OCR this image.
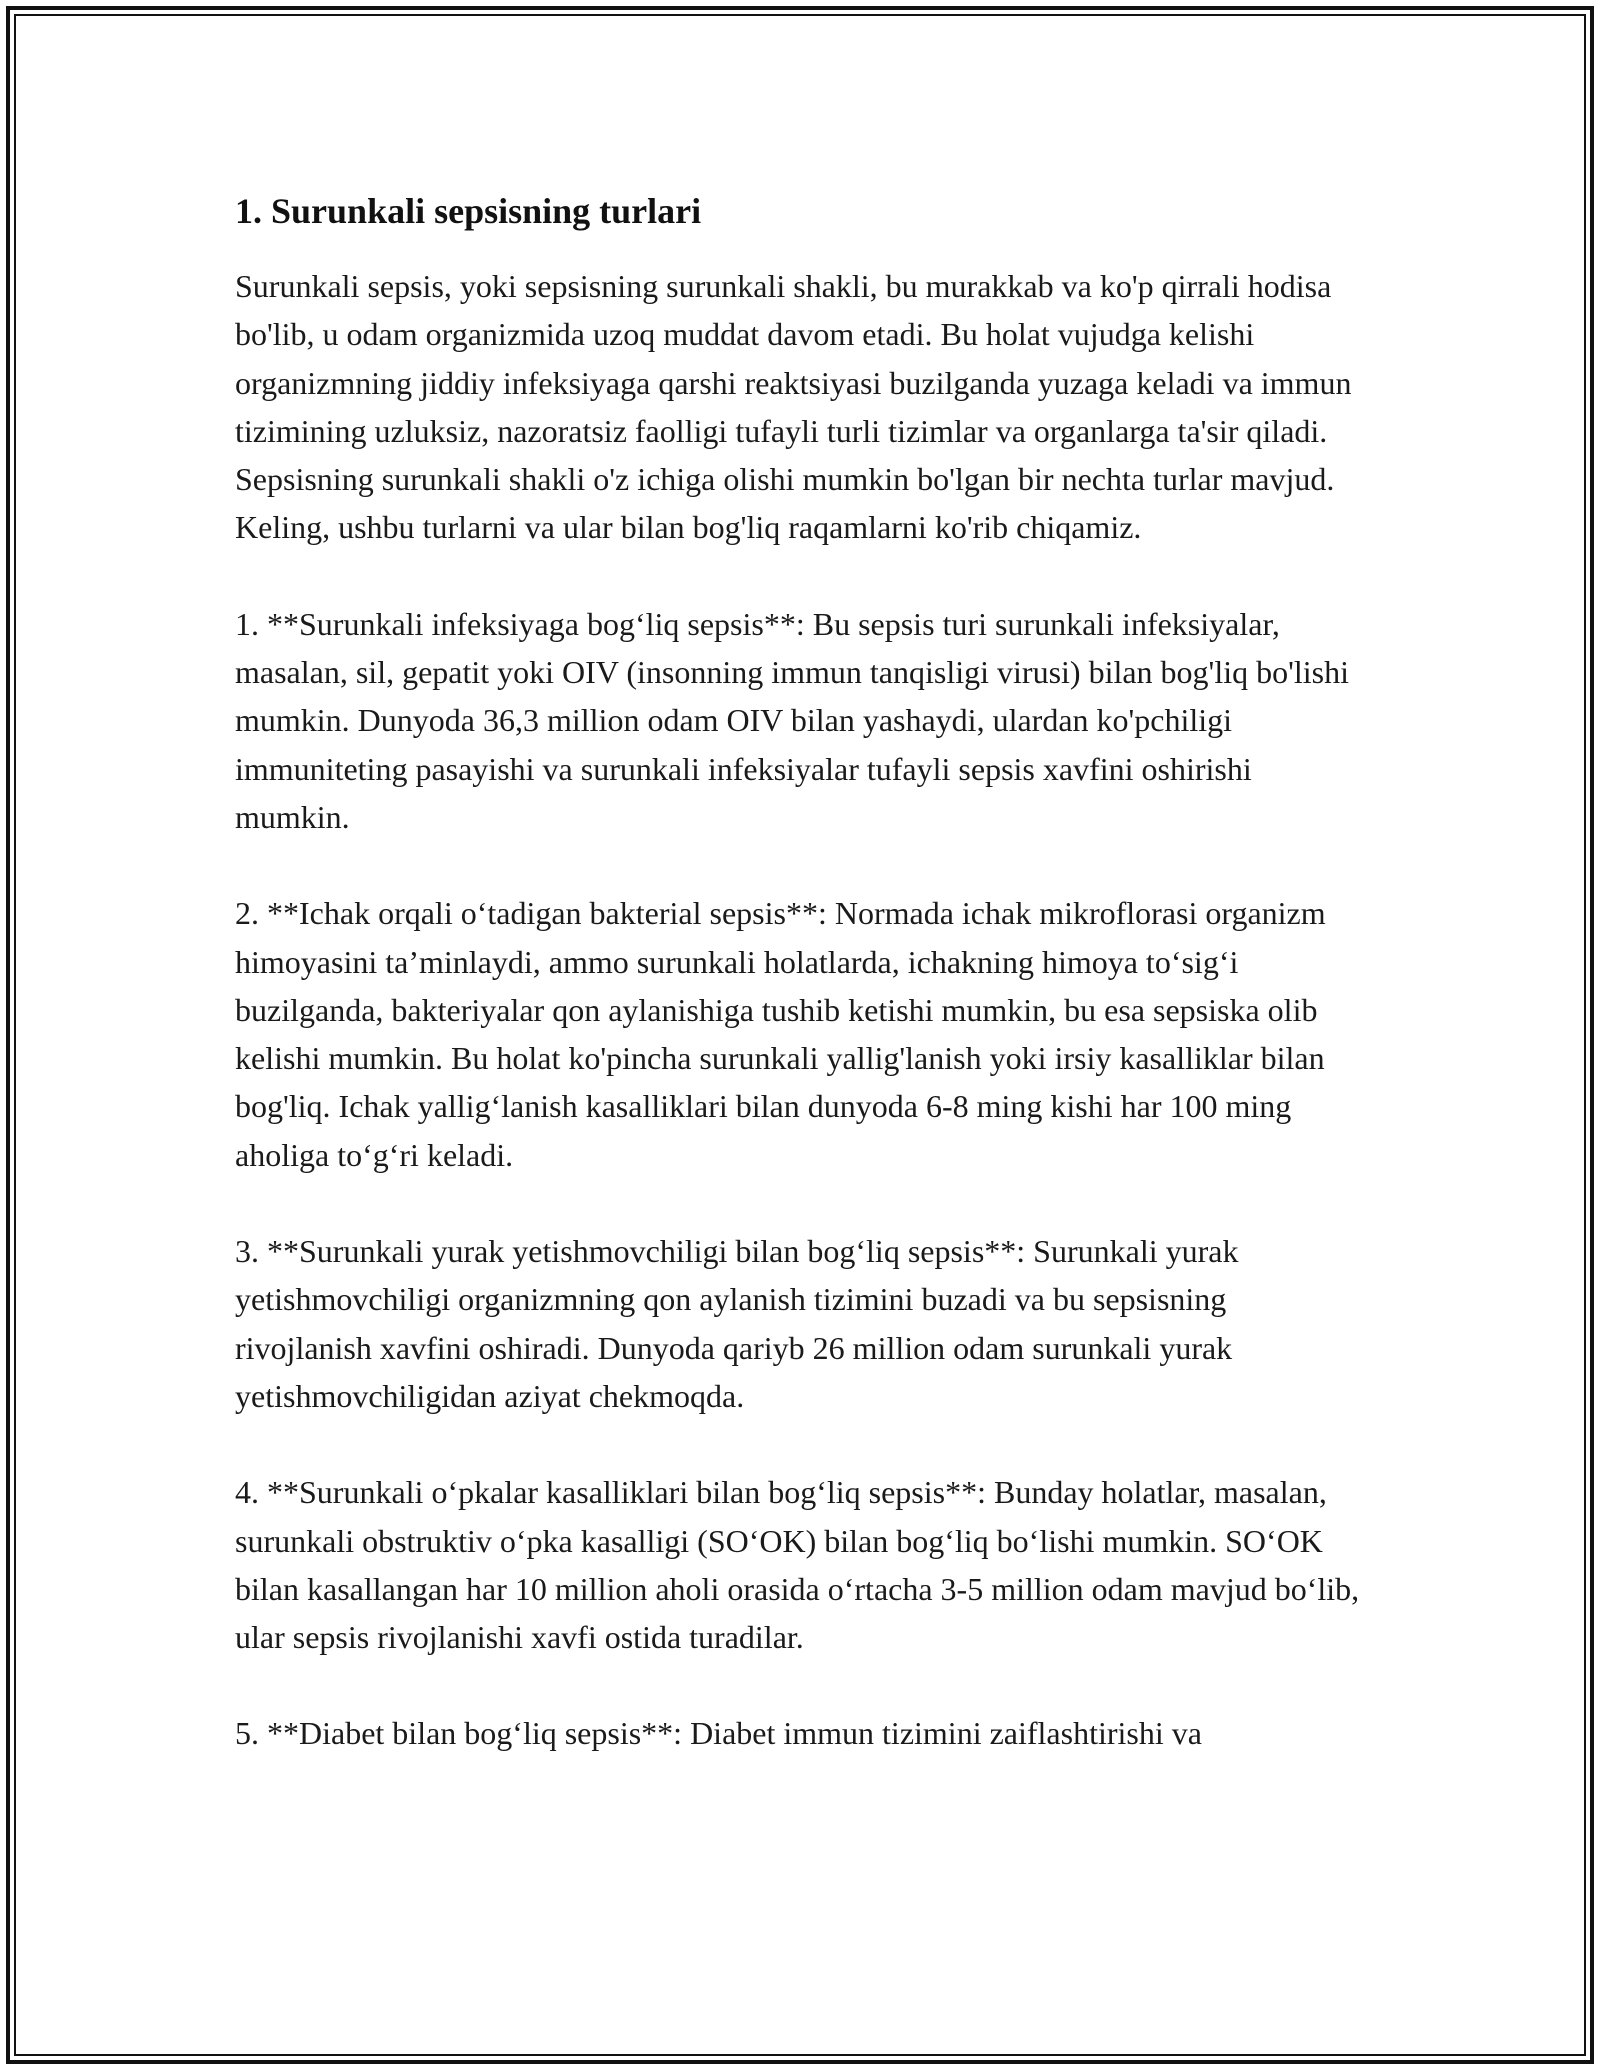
1. Surunkali sepsisning turlari

Surunkali sepsis, yoki sepsisning surunkali shakli, bu murakkab va ko'p qirrali hodisa bo'lib, u odam organizmida uzoq muddat davom etadi. Bu holat vujudga kelishi organizmning jiddiy infeksiyaga qarshi reaktsiyasi buzilganda yuzaga keladi va immun tizimining uzluksiz, nazoratsiz faolligi tufayli turli tizimlar va organlarga ta'sir qiladi. Sepsisning surunkali shakli o'z ichiga olishi mumkin bo'lgan bir nechta turlar mavjud. Keling, ushbu turlarni va ular bilan bog'liq raqamlarni ko'rib chiqamiz.

1. **Surunkali infeksiyaga bog‘liq sepsis**: Bu sepsis turi surunkali infeksiyalar, masalan, sil, gepatit yoki OIV (insonning immun tanqisligi virusi) bilan bog'liq bo'lishi mumkin. Dunyoda 36,3 million odam OIV bilan yashaydi, ulardan ko'pchiligi immuniteting pasayishi va surunkali infeksiyalar tufayli sepsis xavfini oshirishi mumkin.

2. **Ichak orqali o‘tadigan bakterial sepsis**: Normada ichak mikroflorasi organizm himoyasini ta’minlaydi, ammo surunkali holatlarda, ichakning himoya to‘sig‘i buzilganda, bakteriyalar qon aylanishiga tushib ketishi mumkin, bu esa sepsiska olib kelishi mumkin. Bu holat ko'pincha surunkali yallig'lanish yoki irsiy kasalliklar bilan bog'liq. Ichak yallig‘lanish kasalliklari bilan dunyoda 6-8 ming kishi har 100 ming aholiga to‘g‘ri keladi.

3. **Surunkali yurak yetishmovchiligi bilan bog‘liq sepsis**: Surunkali yurak yetishmovchiligi organizmning qon aylanish tizimini buzadi va bu sepsisning rivojlanish xavfini oshiradi. Dunyoda qariyb 26 million odam surunkali yurak yetishmovchiligidan aziyat chekmoqda.

4. **Surunkali o‘pkalar kasalliklari bilan bog‘liq sepsis**: Bunday holatlar, masalan, surunkali obstruktiv o‘pka kasalligi (SO‘OK) bilan bog‘liq bo‘lishi mumkin. SO‘OK bilan kasallangan har 10 million aholi orasida o‘rtacha 3-5 million odam mavjud bo‘lib, ular sepsis rivojlanishi xavfi ostida turadilar.

5. **Diabet bilan bog‘liq sepsis**: Diabet immun tizimini zaiflashtirishi va
